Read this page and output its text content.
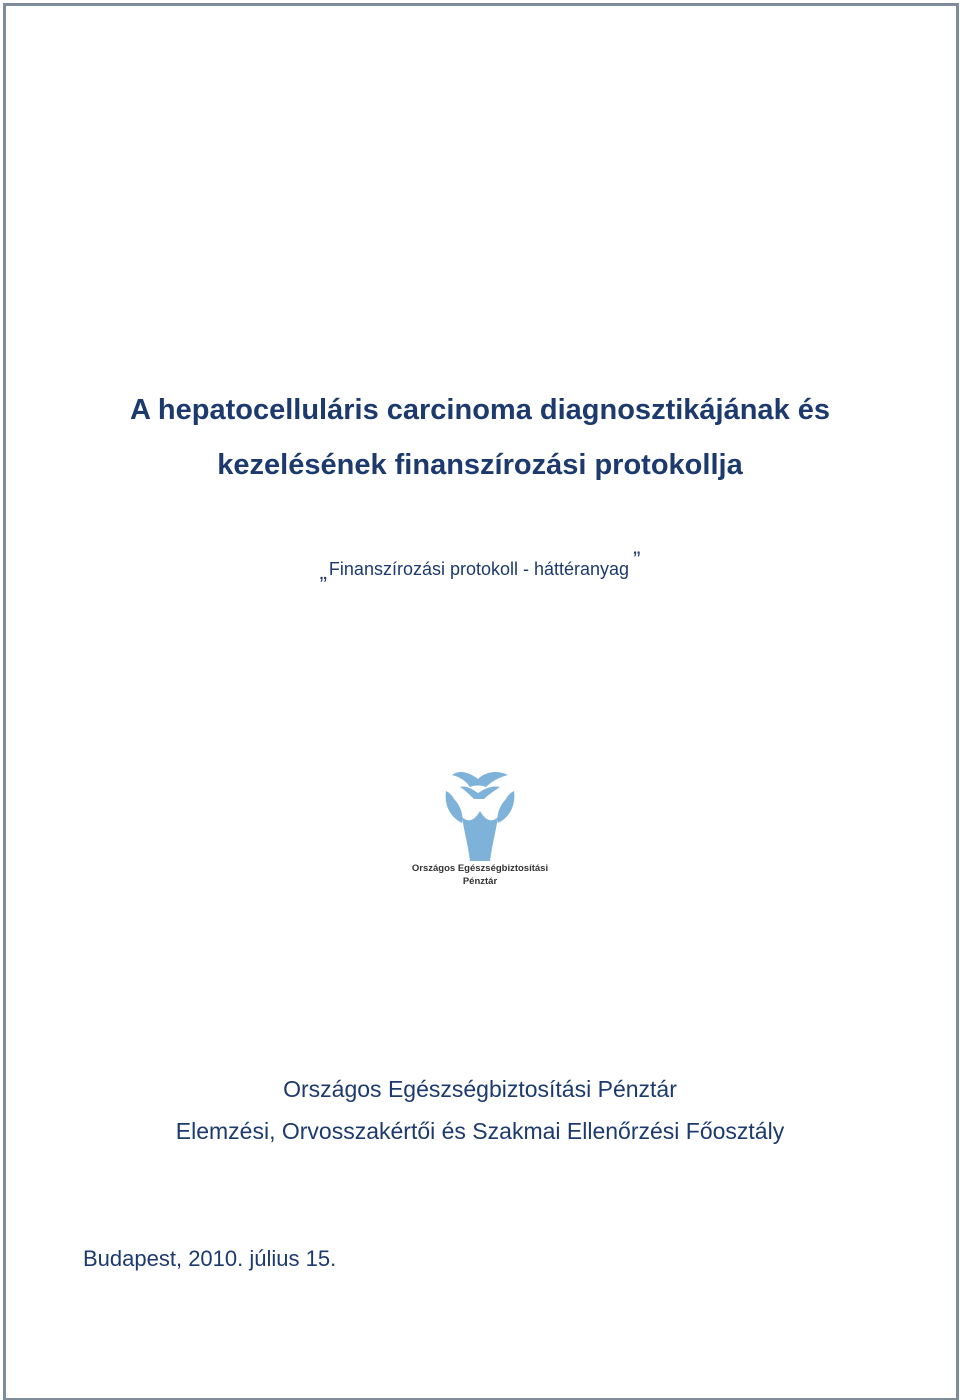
A hepatocelluláris carcinoma diagnosztikájának és
kezelésének finanszírozási protokollja
„ Finanszírozási protokoll - háttéranyag ”
Országos Egészségbiztosítási
Pénztár
Országos Egészségbiztosítási Pénztár
Elemzési, Orvosszakértői és Szakmai Ellenőrzési Főosztály
Budapest, 2010. július 15.
